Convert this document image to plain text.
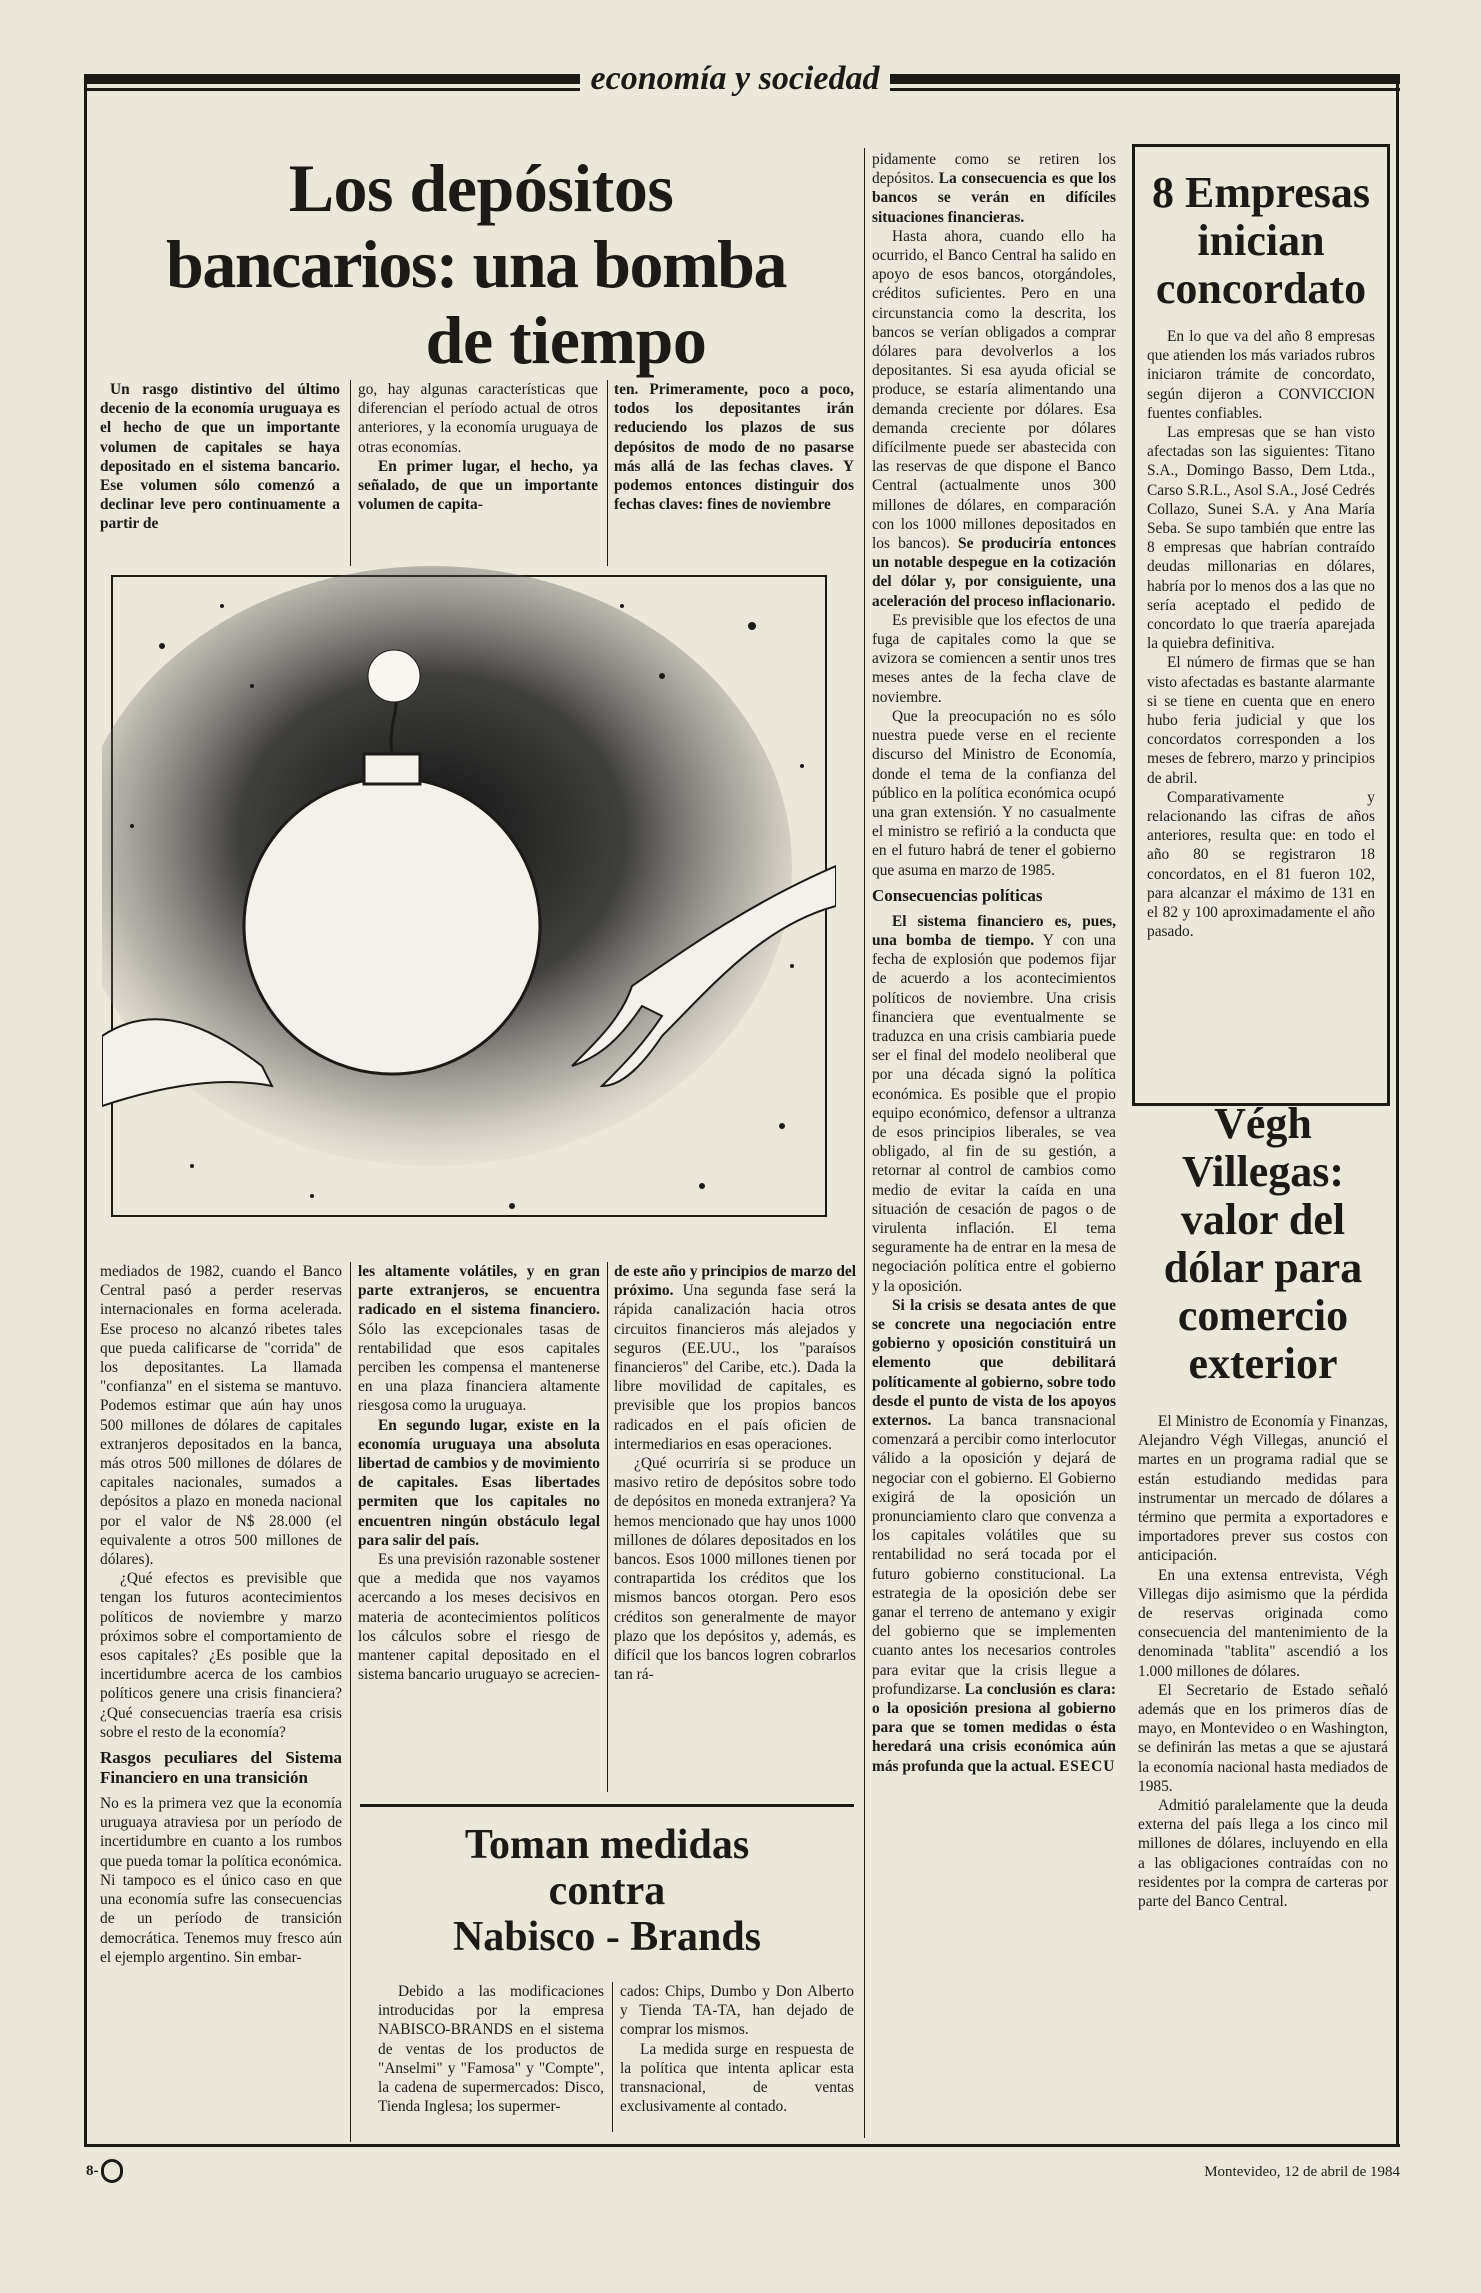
economía y sociedad
Los depósitos
bancarios: una bomba
de tiempo

Un rasgo distintivo del último decenio de la economía uruguaya es el hecho de que un importante volumen de capitales se haya depositado en el sistema bancario. Ese volumen sólo comenzó a declinar leve pero continuamente a partir de

go, hay algunas características que diferencian el período actual de otros anteriores, y la economía uruguaya de otras economías.

En primer lugar, el hecho, ya señalado, de que un importante volumen de capita-

ten. Primeramente, poco a poco, todos los depositantes irán reduciendo los plazos de sus depósitos de modo de no pasarse más allá de las fechas claves. Y podemos entonces distinguir dos fechas claves: fines de noviembre

mediados de 1982, cuando el Banco Central pasó a perder reservas internacionales en forma acelerada. Ese proceso no alcanzó ribetes tales que pueda calificarse de "corrida" de los depositantes. La llamada "confianza" en el sistema se mantuvo. Podemos estimar que aún hay unos 500 millones de dólares de capitales extranjeros depositados en la banca, más otros 500 millones de dólares de capitales nacionales, sumados a depósitos a plazo en moneda nacional por el valor de N$ 28.000 (el equivalente a otros 500 millones de dólares).

¿Qué efectos es previsible que tengan los futuros acontecimientos políticos de noviembre y marzo próximos sobre el comportamiento de esos capitales? ¿Es posible que la incertidumbre acerca de los cambios políticos genere una crisis financiera? ¿Qué consecuencias traería esa crisis sobre el resto de la economía?

Rasgos peculiares del Sistema Financiero en una transición

No es la primera vez que la economía uruguaya atraviesa por un período de incertidumbre en cuanto a los rumbos que pueda tomar la política económica. Ni tampoco es el único caso en que una economía sufre las consecuencias de un período de transición democrática. Tenemos muy fresco aún el ejemplo argentino. Sin embar-

les altamente volátiles, y en gran parte extranjeros, se encuentra radicado en el sistema financiero. Sólo las excepcionales tasas de rentabilidad que esos capitales perciben les compensa el mantenerse en una plaza financiera altamente riesgosa como la uruguaya.

En segundo lugar, existe en la economía uruguaya una absoluta libertad de cambios y de movimiento de capitales. Esas libertades permiten que los capitales no encuentren ningún obstáculo legal para salir del país.

Es una previsión razonable sostener que a medida que nos vayamos acercando a los meses decisivos en materia de acontecimientos políticos los cálculos sobre el riesgo de mantener capital depositado en el sistema bancario uruguayo se acrecien-

de este año y principios de marzo del próximo. Una segunda fase será la rápida canalización hacia otros circuitos financieros más alejados y seguros (EE.UU., los "paraísos financieros" del Caribe, etc.). Dada la libre movilidad de capitales, es previsible que los propios bancos radicados en el país oficien de intermediarios en esas operaciones.

¿Qué ocurriría si se produce un masivo retiro de depósitos sobre todo de depósitos en moneda extranjera? Ya hemos mencionado que hay unos 1000 millones de dólares depositados en los bancos. Esos 1000 millones tienen por contrapartida los créditos que los mismos bancos otorgan. Pero esos créditos son generalmente de mayor plazo que los depósitos y, además, es difícil que los bancos logren cobrarlos tan rá-

pidamente como se retiren los depósitos. La consecuencia es que los bancos se verán en difíciles situaciones financieras.

Hasta ahora, cuando ello ha ocurrido, el Banco Central ha salido en apoyo de esos bancos, otorgándoles, créditos suficientes. Pero en una circunstancia como la descrita, los bancos se verían obligados a comprar dólares para devolverlos a los depositantes. Si esa ayuda oficial se produce, se estaría alimentando una demanda creciente por dólares. Esa demanda creciente por dólares difícilmente puede ser abastecida con las reservas de que dispone el Banco Central (actualmente unos 300 millones de dólares, en comparación con los 1000 millones depositados en los bancos). Se produciría entonces un notable despegue en la cotización del dólar y, por consiguiente, una aceleración del proceso inflacionario.

Es previsible que los efectos de una fuga de capitales como la que se avizora se comiencen a sentir unos tres meses antes de la fecha clave de noviembre.

Que la preocupación no es sólo nuestra puede verse en el reciente discurso del Ministro de Economía, donde el tema de la confianza del público en la política económica ocupó una gran extensión. Y no casualmente el ministro se refirió a la conducta que en el futuro habrá de tener el gobierno que asuma en marzo de 1985.

Consecuencias políticas

El sistema financiero es, pues, una bomba de tiempo. Y con una fecha de explosión que podemos fijar de acuerdo a los acontecimientos políticos de noviembre. Una crisis financiera que eventualmente se traduzca en una crisis cambiaria puede ser el final del modelo neoliberal que por una década signó la política económica. Es posible que el propio equipo económico, defensor a ultranza de esos principios liberales, se vea obligado, al fin de su gestión, a retornar al control de cambios como medio de evitar la caída en una situación de cesación de pagos o de virulenta inflación. El tema seguramente ha de entrar en la mesa de negociación política entre el gobierno y la oposición.

Si la crisis se desata antes de que se concrete una negociación entre gobierno y oposición constituirá un elemento que debilitará políticamente al gobierno, sobre todo desde el punto de vista de los apoyos externos. La banca transnacional comenzará a percibir como interlocutor válido a la oposición y dejará de negociar con el gobierno. El Gobierno exigirá de la oposición un pronunciamiento claro que convenza a los capitales volátiles que su rentabilidad no será tocada por el futuro gobierno constitucional. La estrategia de la oposición debe ser ganar el terreno de antemano y exigir del gobierno que se implementen cuanto antes los necesarios controles para evitar que la crisis llegue a profundizarse. La conclusión es clara: o la oposición presiona al gobierno para que se tomen medidas o ésta heredará una crisis económica aún más profunda que la actual. ESECU

8 Empresas
inician
concordato

En lo que va del año 8 empresas que atienden los más variados rubros iniciaron trámite de concordato, según dijeron a CONVICCION fuentes confiables.

Las empresas que se han visto afectadas son las siguientes: Titano S.A., Domingo Basso, Dem Ltda., Carso S.R.L., Asol S.A., José Cedrés Collazo, Sunei S.A. y Ana María Seba. Se supo también que entre las 8 empresas que habrían contraído deudas millonarias en dólares, habría por lo menos dos a las que no sería aceptado el pedido de concordato lo que traería aparejada la quiebra definitiva.

El número de firmas que se han visto afectadas es bastante alarmante si se tiene en cuenta que en enero hubo feria judicial y que los concordatos corresponden a los meses de febrero, marzo y principios de abril.

Comparativamente y relacionando las cifras de años anteriores, resulta que: en todo el año 80 se registraron 18 concordatos, en el 81 fueron 102, para alcanzar el máximo de 131 en el 82 y 100 aproximadamente el año pasado.

Végh
Villegas:
valor del
dólar para
comercio
exterior

El Ministro de Economía y Finanzas, Alejandro Végh Villegas, anunció el martes en un programa radial que se están estudiando medidas para instrumentar un mercado de dólares a término que permita a exportadores e importadores prever sus costos con anticipación.

En una extensa entrevista, Végh Villegas dijo asimismo que la pérdida de reservas originada como consecuencia del mantenimiento de la denominada "tablita" ascendió a los 1.000 millones de dólares.

El Secretario de Estado señaló además que en los primeros días de mayo, en Montevideo o en Washington, se definirán las metas a que se ajustará la economía nacional hasta mediados de 1985.

Admitió paralelamente que la deuda externa del país llega a los cinco mil millones de dólares, incluyendo en ella a las obligaciones contraídas con no residentes por la compra de carteras por parte del Banco Central.

Toman medidas
contra
Nabisco - Brands

Debido a las modificaciones introducidas por la empresa NABISCO-BRANDS en el sistema de ventas de los productos de "Anselmi" y "Famosa" y "Compte", la cadena de supermercados: Disco, Tienda Inglesa; los supermer-

cados: Chips, Dumbo y Don Alberto y Tienda TA-TA, han dejado de comprar los mismos.

La medida surge en respuesta de la política que intenta aplicar esta transnacional, de ventas exclusivamente al contado.

8-	Montevideo, 12 de abril de 1984
